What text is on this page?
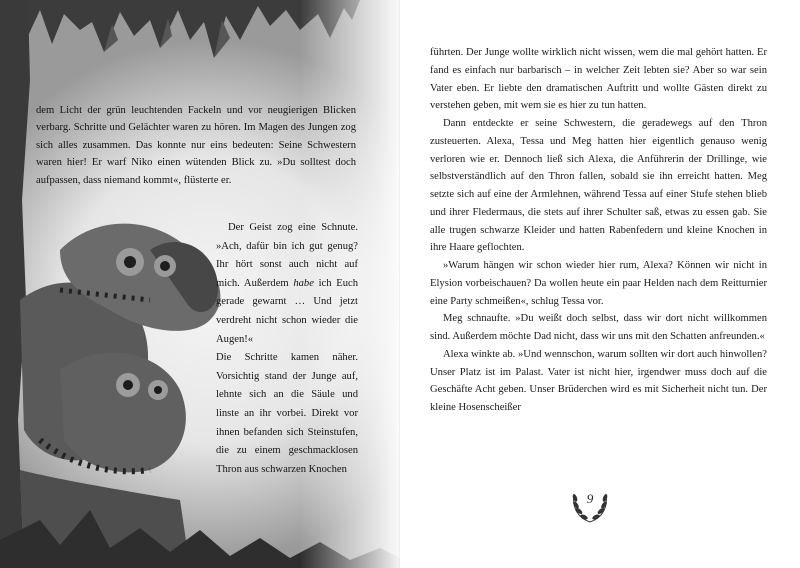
dem Licht der grün leuchtenden Fackeln und vor neugierigen Blicken verbarg. Schritte und Gelächter waren zu hören. Im Magen des Jungen zog sich alles zusammen. Das konnte nur eins bedeuten: Seine Schwestern waren hier! Er warf Niko einen wütenden Blick zu. »Du solltest doch aufpassen, dass niemand kommt«, flüsterte er.

Der Geist zog eine Schnute. »Ach, dafür bin ich gut genug? Ihr hört sonst auch nicht auf mich. Außerdem habe ich Euch gerade gewarnt … Und jetzt verdreht nicht schon wieder die Augen!«

Die Schritte kamen näher. Vorsichtig stand der Junge auf, lehnte sich an die Säule und linste an ihr vorbei. Direkt vor ihnen befanden sich Steinstufen, die zu einem geschmacklosen Thron aus schwarzen Knochen

führten. Der Junge wollte wirklich nicht wissen, wem die mal gehört hatten. Er fand es einfach nur barbarisch – in welcher Zeit lebten sie? Aber so war sein Vater eben. Er liebte den dramatischen Auftritt und wollte Gästen direkt zu verstehen geben, mit wem sie es hier zu tun hatten.

Dann entdeckte er seine Schwestern, die geradewegs auf den Thron zusteuerten. Alexa, Tessa und Meg hatten hier eigentlich genauso wenig verloren wie er. Dennoch ließ sich Alexa, die Anführerin der Drillinge, wie selbstverständlich auf den Thron fallen, sobald sie ihn erreicht hatten. Meg setzte sich auf eine der Armlehnen, während Tessa auf einer Stufe stehen blieb und ihrer Fledermaus, die stets auf ihrer Schulter saß, etwas zu essen gab. Sie alle trugen schwarze Kleider und hatten Rabenfedern und kleine Knochen in ihre Haare geflochten.

»Warum hängen wir schon wieder hier rum, Alexa? Können wir nicht in Elysion vorbeischauen? Da wollen heute ein paar Helden nach dem Reitturnier eine Party schmeißen«, schlug Tessa vor.

Meg schnaufte. »Du weißt doch selbst, dass wir dort nicht willkommen sind. Außerdem möchte Dad nicht, dass wir uns mit den Schatten anfreunden.«

Alexa winkte ab. »Und wennschon, warum sollten wir dort auch hinwollen? Unser Platz ist im Palast. Vater ist nicht hier, irgendwer muss doch auf die Geschäfte Acht geben. Unser Brüderchen wird es mit Sicherheit nicht tun. Der kleine Hosenscheißer

9
